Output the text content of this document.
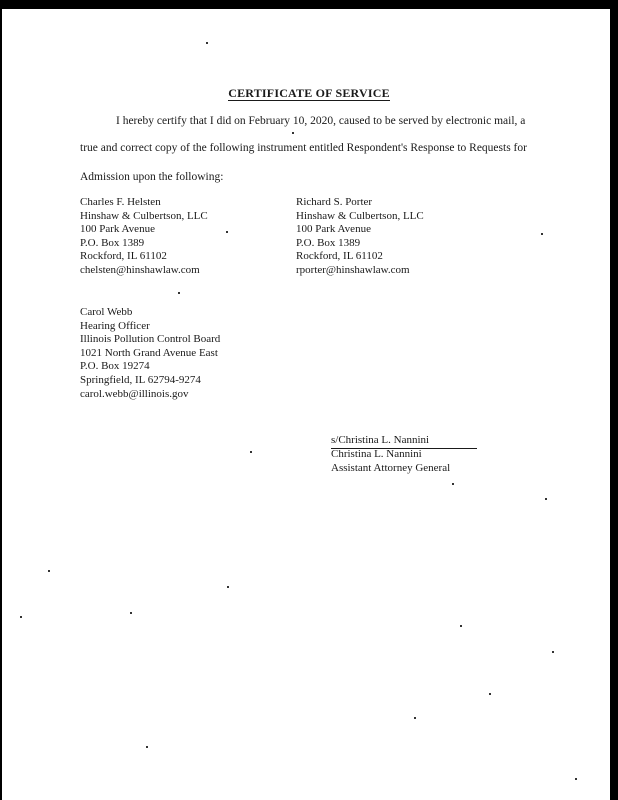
CERTIFICATE OF SERVICE
I hereby certify that I did on February 10, 2020, caused to be served by electronic mail, a
true and correct copy of the following instrument entitled Respondent's Response to Requests for
Admission upon the following:
Charles F. Helsten
Hinshaw & Culbertson, LLC
100 Park Avenue
P.O. Box 1389
Rockford, IL 61102
chelsten@hinshawlaw.com
Richard S. Porter
Hinshaw & Culbertson, LLC
100 Park Avenue
P.O. Box 1389
Rockford, IL 61102
rporter@hinshawlaw.com
Carol Webb
Hearing Officer
Illinois Pollution Control Board
1021 North Grand Avenue East
P.O. Box 19274
Springfield, IL 62794-9274
carol.webb@illinois.gov
s/Christina L. Nannini
Christina L. Nannini
Assistant Attorney General
